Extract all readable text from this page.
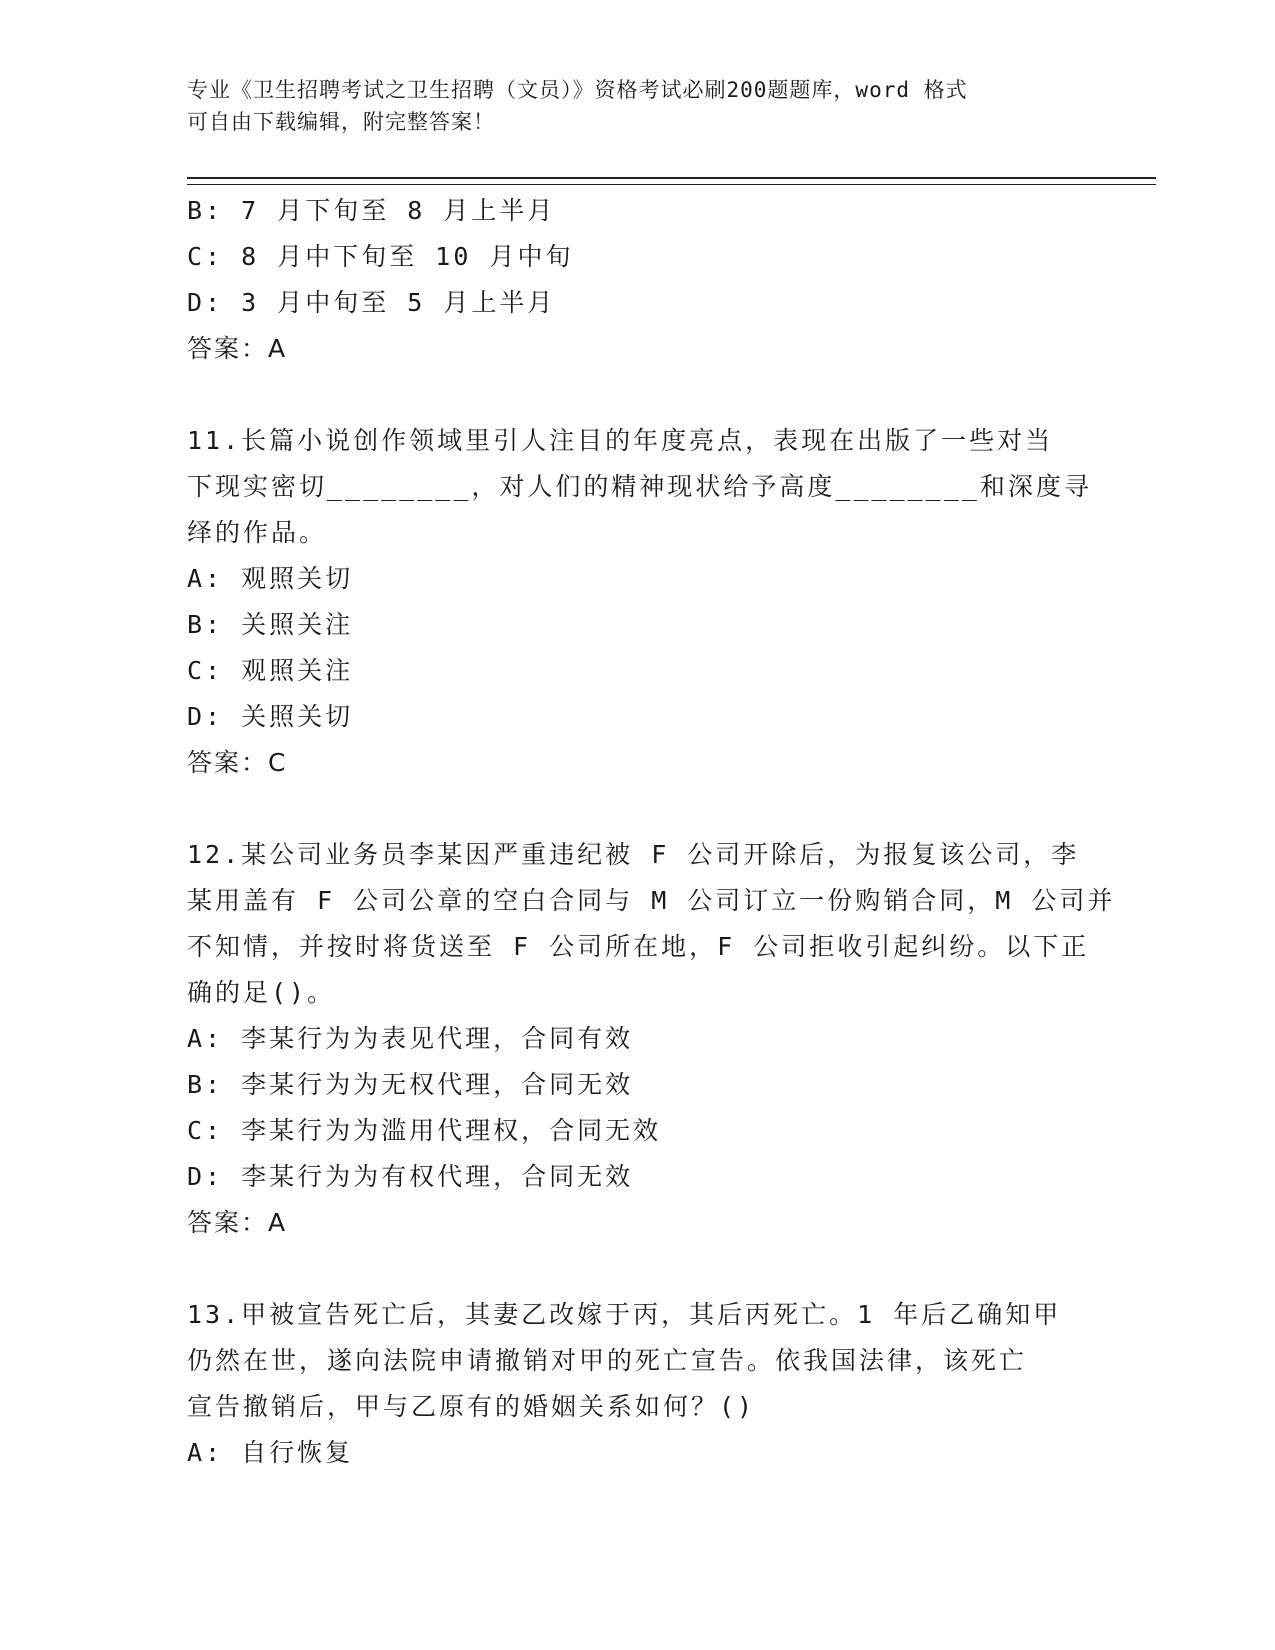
专业《卫生招聘考试之卫生招聘（文员）》资格考试必刷200题题库，word 格式
可自由下载编辑，附完整答案！
B: 7 月下旬至 8 月上半月
C: 8 月中下旬至 10 月中旬
D: 3 月中旬至 5 月上半月
答案：A
11.长篇小说创作领域里引人注目的年度亮点，表现在出版了一些对当
下现实密切________，对人们的精神现状给予高度________和深度寻
绎的作品。
A: 观照关切
B: 关照关注
C: 观照关注
D: 关照关切
答案：C
12.某公司业务员李某因严重违纪被 F 公司开除后，为报复该公司，李
某用盖有 F 公司公章的空白合同与 M 公司订立一份购销合同，M 公司并
不知情，并按时将货送至 F 公司所在地，F 公司拒收引起纠纷。以下正
确的足()。
A: 李某行为为表见代理，合同有效
B: 李某行为为无权代理，合同无效
C: 李某行为为滥用代理权，合同无效
D: 李某行为为有权代理，合同无效
答案：A
13.甲被宣告死亡后，其妻乙改嫁于丙，其后丙死亡。1 年后乙确知甲
仍然在世，遂向法院申请撤销对甲的死亡宣告。依我国法律，该死亡
宣告撤销后，甲与乙原有的婚姻关系如何？()
A: 自行恢复
